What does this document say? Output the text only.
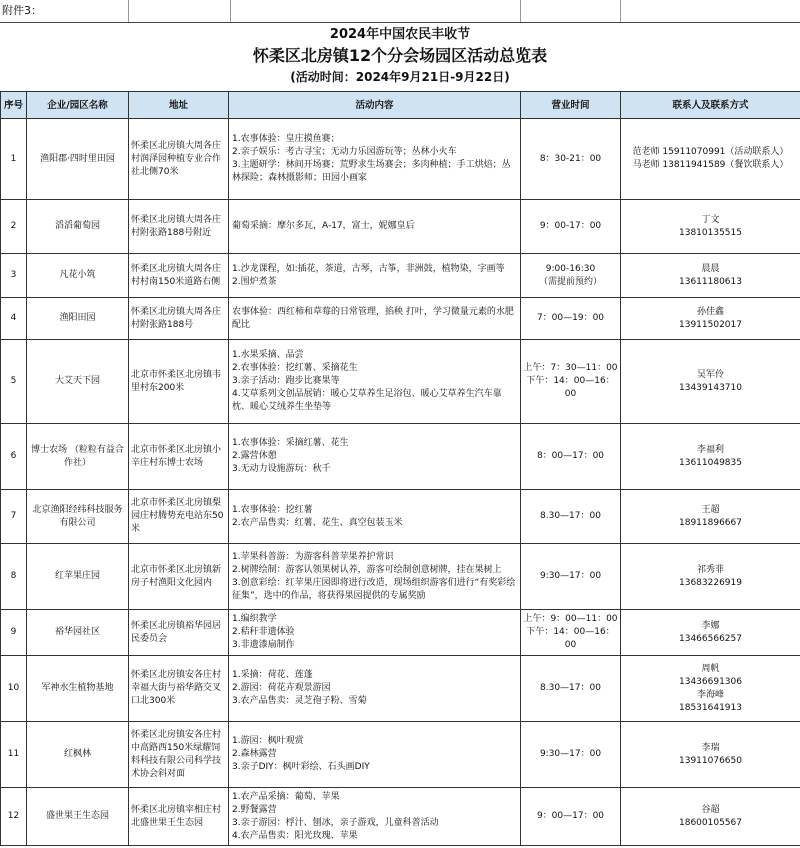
附件3：
2024年中国农民丰收节
怀柔区北房镇12个分会场园区活动总览表
(活动时间：2024年9月21日-9月22日)
序号	企业/园区名称	地址	活动内容	营业时间	联系人及联系方式
1	渔阳郡·四时里田园	怀柔区北房镇大周各庄村润泽园种植专业合作社北侧70米	1.农事体验：皇庄摸鱼赛；
2.亲子娱乐：考古寻宝；无动力乐园游玩等；丛林小火车
3.主题研学：林间开场赛；荒野求生场赛会；多肉种植；手工烘焙；丛林探险；森林摄影师；田园小画家	8：30-21：00	范老师 15911070991（活动联系人）
马老师 13811941589（餐饮联系人）
2	滔滔葡萄园	怀柔区北房镇大周各庄村附张路188号附近	葡萄采摘：摩尔多瓦，A-17，富士，妮娜皇后	9：00-17：00	丁文
13810135515
3	凡花小筑	怀柔区北房镇大周各庄村村南150米道路右侧	1.沙龙课程，如:插花，茶道，古琴，古筝，非洲鼓，植物染，字画等
2.围炉煮茶	9:00-16:30
（需提前预约）	晨晨
13611180613
4	渔阳田园	怀柔区北房镇大周各庄村附张路188号	农事体验：西红柿和草莓的日常管理，掐秧 打叶，学习微量元素的水肥配比	7：00—19：00	孙佳鑫
13911502017
5	大艾天下园	北京市怀柔区北房镇韦里村东200米	1.水果采摘、品尝
2.农事体验：挖红薯、采摘花生
3.亲子活动：跑步比赛果等
4.艾草系列文创品展销：暖心艾草养生足浴包、暖心艾草养生汽车靠枕、暖心艾绒养生坐垫等	上午：7：30—11：00
下午：14：00—16：00	吴军伶
13439143710
6	博士农场 （粒粒有益合作社）	北京市怀柔区北房镇小辛庄村东博士农场	1.农事体验：采摘红薯、花生
2.露营休憩
3.无动力设施游玩：秋千	8：00—17：00	李福利
13611049835
7	北京渔阳经纬科技服务有限公司	北京市怀柔区北房镇梨园庄村腾势充电站东50米	1.农事体验：挖红薯
2.农产品售卖：红薯、花生、真空包装玉米	8.30—17：00	王超
18911896667
8	红苹果庄园	北京市怀柔区北房镇新房子村渔阳文化园内	1.苹果科普游：为游客科普苹果养护常识
2.树牌绘制：游客认领果树认养，游客可绘制创意树牌，挂在果树上
3.创意彩绘：红苹果庄园即将进行改造，现场组织游客们进行“有奖彩绘征集”，选中的作品，将获得果园提供的专属奖励	9:30—17：00	祁秀菲
13683226919
9	裕华园社区	怀柔区北房镇裕华园居民委员会	1.编织教学
2.秸秆非遗体验
3.非遗漆扇制作	上午：9：00—11：00
下午：14：00—16：00	李娜
13466566257
10	军神水生植物基地	怀柔区北房镇安各庄村幸福大街与裕华路交叉口北300米	1.采摘：荷花、莲蓬
2.游园：荷花卉观景游园
3.农产品售卖：灵芝孢子粉、雪菊	8.30—17：00	周帆
13436691306
李海峰
18531641913
11	红枫林	怀柔区北房镇安各庄村中高路西150米绿耀饲料科技有限公司科学技术协会斜对面	1.游园：枫叶观赏
2.森林露营
3.亲子DIY：枫叶彩绘、石头画DIY	9:30—17：00	李瑞
13911076650
12	盛世果王生态园	怀柔区北房镇宰相庄村北盛世果王生态园	1.农产品采摘：葡萄、苹果
2.野餐露营
3.亲子游园：桴汁、刨冰，亲子游戏，儿童科普活动
4.农产品售卖：阳光玫瑰、苹果	9：00—17：00	谷超
18600105567
